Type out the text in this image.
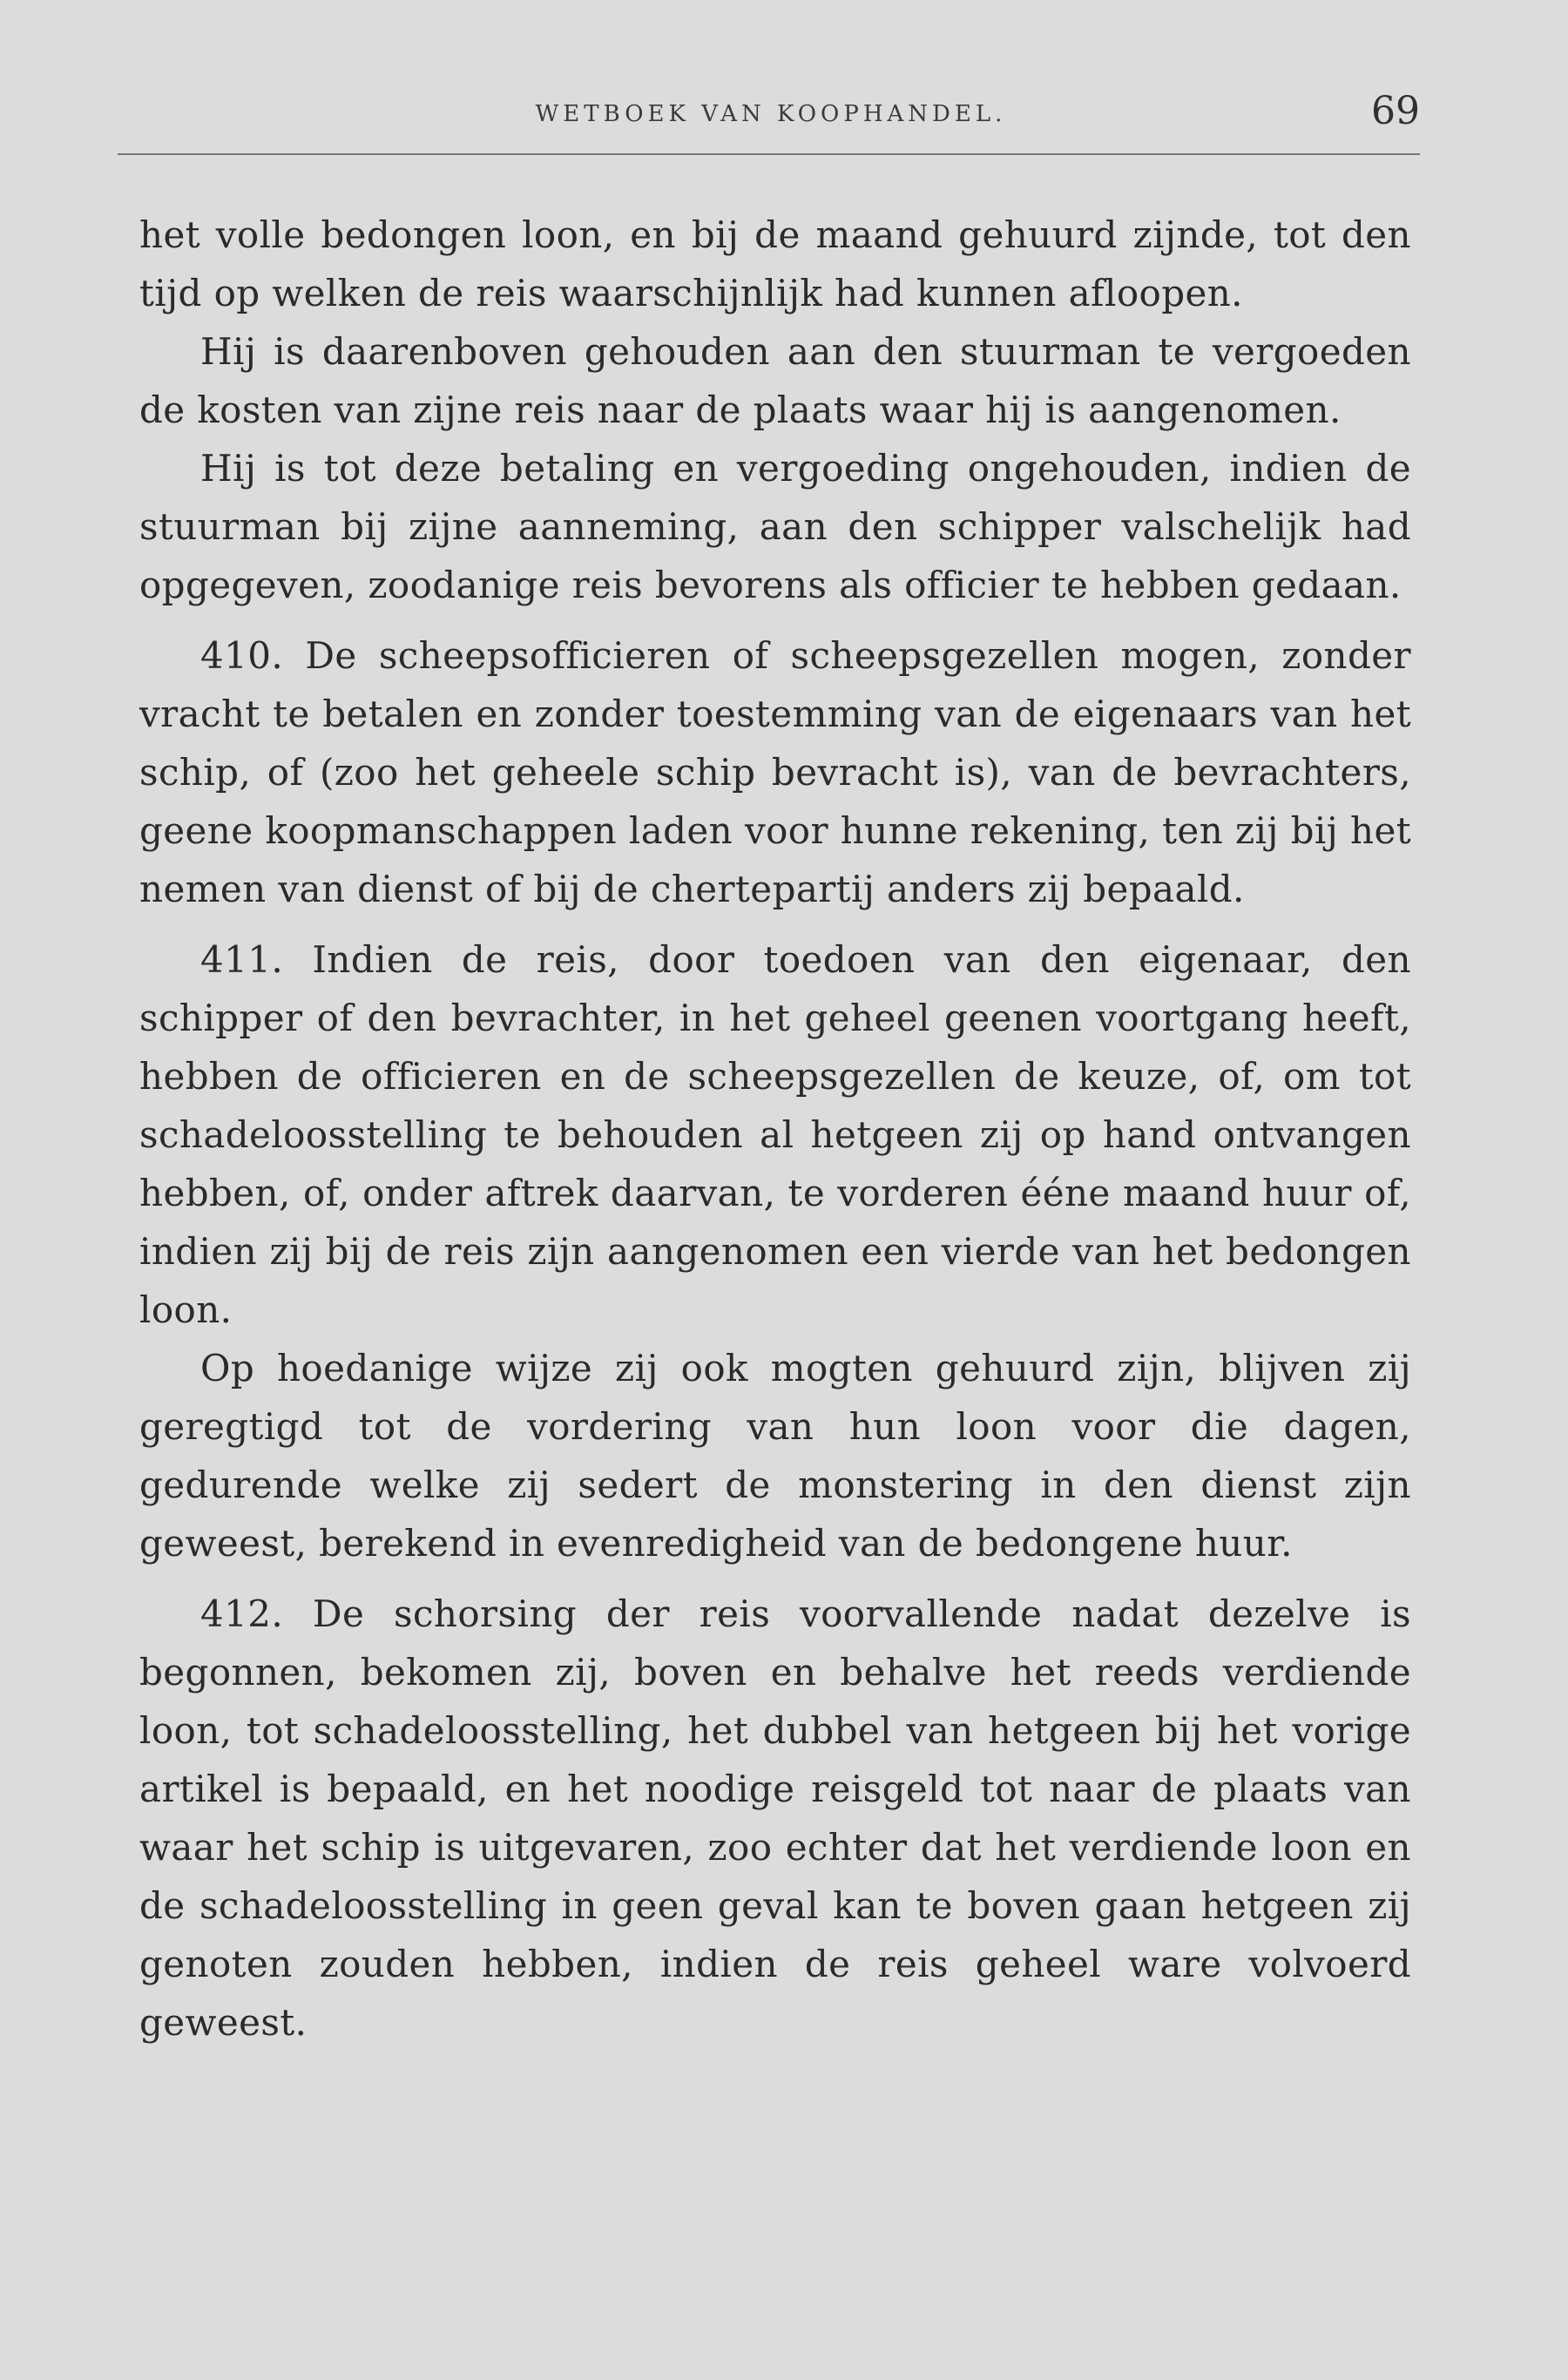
WETBOEK VAN KOOPHANDEL.	69

het volle bedongen loon, en bij de maand gehuurd zijnde, tot den tijd op welken de reis waarschijnlijk had kunnen afloopen.

Hij is daarenboven gehouden aan den stuurman te vergoeden de kosten van zijne reis naar de plaats waar hij is aangenomen.

Hij is tot deze betaling en vergoeding ongehouden, indien de stuurman bij zijne aanneming, aan den schipper valschelijk had opgegeven, zoodanige reis bevorens als officier te hebben gedaan.

410. De scheepsofficieren of scheepsgezellen mogen, zonder vracht te betalen en zonder toestemming van de eigenaars van het schip, of (zoo het geheele schip bevracht is), van de bevrachters, geene koopmanschappen laden voor hunne rekening, ten zij bij het nemen van dienst of bij de chertepartij anders zij bepaald.

411. Indien de reis, door toedoen van den eigenaar, den schipper of den bevrachter, in het geheel geenen voortgang heeft, hebben de officieren en de scheepsgezellen de keuze, of, om tot schadeloosstelling te behouden al hetgeen zij op hand ontvangen hebben, of, onder aftrek daarvan, te vorderen ééne maand huur of, indien zij bij de reis zijn aangenomen een vierde van het bedongen loon.

Op hoedanige wijze zij ook mogten gehuurd zijn, blijven zij geregtigd tot de vordering van hun loon voor die dagen, gedurende welke zij sedert de monstering in den dienst zijn geweest, berekend in evenredigheid van de bedongene huur.

412. De schorsing der reis voorvallende nadat dezelve is begonnen, bekomen zij, boven en behalve het reeds verdiende loon, tot schadeloosstelling, het dubbel van hetgeen bij het vorige artikel is bepaald, en het noodige reisgeld tot naar de plaats van waar het schip is uitgevaren, zoo echter dat het verdiende loon en de schadeloosstelling in geen geval kan te boven gaan hetgeen zij genoten zouden hebben, indien de reis geheel ware volvoerd geweest.
